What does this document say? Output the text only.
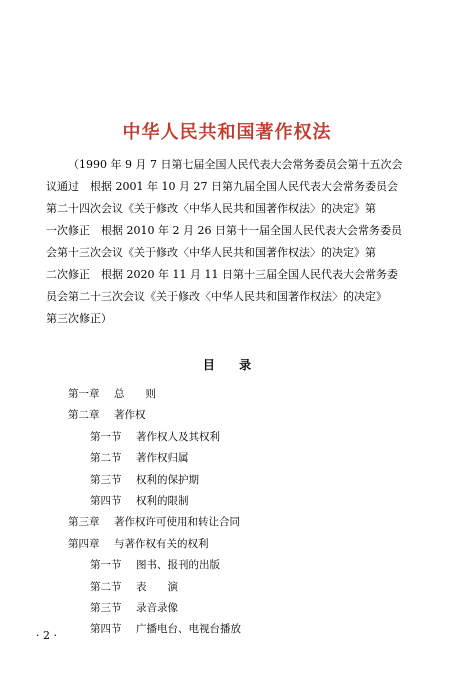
中华人民共和国著作权法
（1990 年 9 月 7 日第七届全国人民代表大会常务委员会第十五次会
议通过　根据 2001 年 10 月 27 日第九届全国人民代表大会常务委员会
第二十四次会议《关于修改〈中华人民共和国著作权法〉的决定》第
一次修正　根据 2010 年 2 月 26 日第十一届全国人民代表大会常务委员
会第十三次会议《关于修改〈中华人民共和国著作权法〉的决定》第
二次修正　根据 2020 年 11 月 11 日第十三届全国人民代表大会常务委
员会第二十三次会议《关于修改〈中华人民共和国著作权法〉的决定》
第三次修正）
目 录
第一章 总　　则
第二章 著作权
第一节 著作权人及其权利
第二节 著作权归属
第三节 权利的保护期
第四节 权利的限制
第三章 著作权许可使用和转让合同
第四章 与著作权有关的权利
第一节 图书、报刊的出版
第二节 表　　演
第三节 录音录像
第四节 广播电台、电视台播放
· 2 ·
